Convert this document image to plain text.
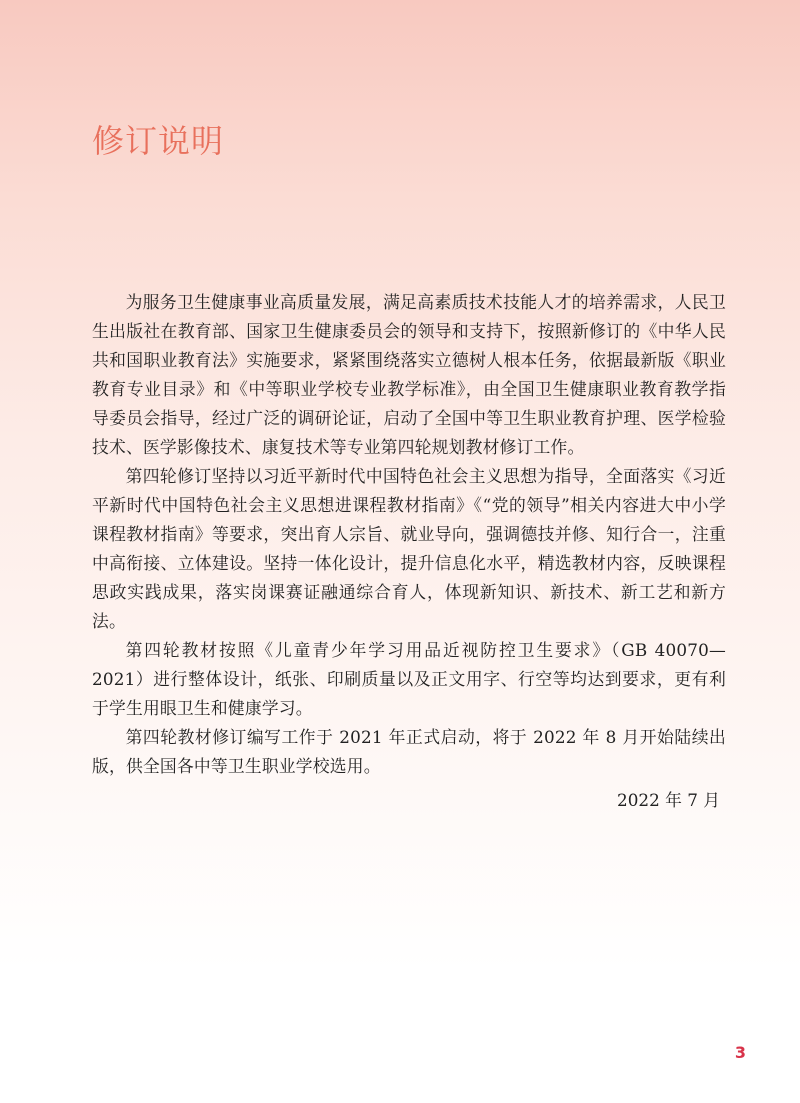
修订说明

为服务卫生健康事业高质量发展，满足高素质技术技能人才的培养需求，人民卫生出版社在教育部、国家卫生健康委员会的领导和支持下，按照新修订的《中华人民共和国职业教育法》实施要求，紧紧围绕落实立德树人根本任务，依据最新版《职业教育专业目录》和《中等职业学校专业教学标准》，由全国卫生健康职业教育教学指导委员会指导，经过广泛的调研论证，启动了全国中等卫生职业教育护理、医学检验技术、医学影像技术、康复技术等专业第四轮规划教材修订工作。

第四轮修订坚持以习近平新时代中国特色社会主义思想为指导，全面落实《习近平新时代中国特色社会主义思想进课程教材指南》《“党的领导”相关内容进大中小学课程教材指南》等要求，突出育人宗旨、就业导向，强调德技并修、知行合一，注重中高衔接、立体建设。坚持一体化设计，提升信息化水平，精选教材内容，反映课程思政实践成果，落实岗课赛证融通综合育人，体现新知识、新技术、新工艺和新方法。

第四轮教材按照《儿童青少年学习用品近视防控卫生要求》（GB 40070—2021）进行整体设计，纸张、印刷质量以及正文用字、行空等均达到要求，更有利于学生用眼卫生和健康学习。

第四轮教材修订编写工作于 2021 年正式启动，将于 2022 年 8 月开始陆续出版，供全国各中等卫生职业学校选用。

2022 年 7 月
3
